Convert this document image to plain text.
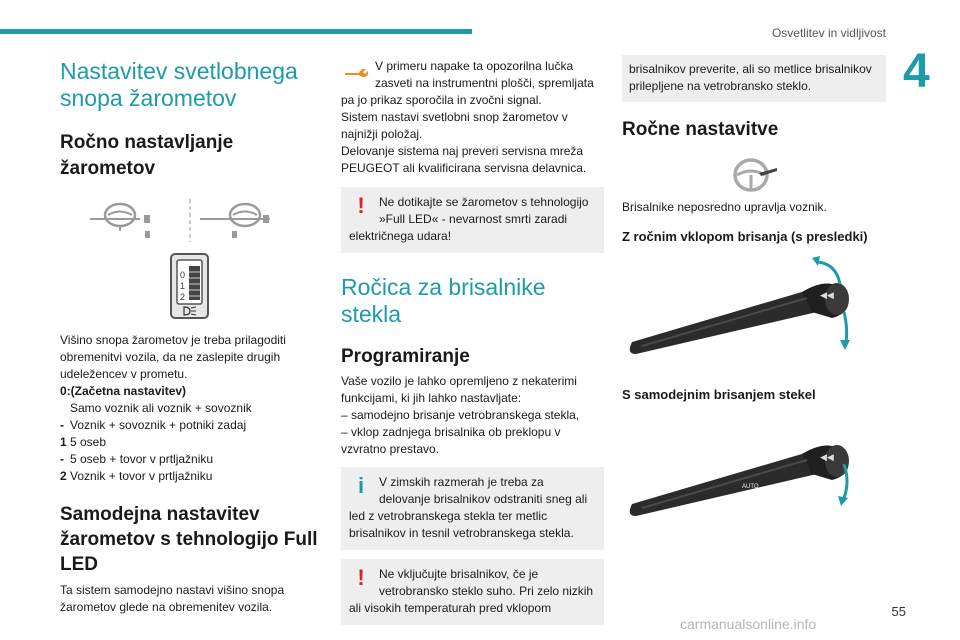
Osvetlitev in vidljivost
4
Nastavitev svetlobnega snopa žarometov
Ročno nastavljanje žarometov
0
1
2
Višino snopa žarometov je treba prilagoditi obremenitvi vozila, da ne zaslepite drugih udeležencev v prometu.
0:(Začetna nastavitev)
Samo voznik ali voznik + sovoznik
- Voznik + sovoznik + potniki zadaj
1 5 oseb
- 5 oseb + tovor v prtljažniku
2 Voznik + tovor v prtljažniku
Samodejna nastavitev žarometov s tehnologijo Full LED
Ta sistem samodejno nastavi višino snopa žarometov glede na obremenitev vozila.
V primeru napake ta opozorilna lučka zasveti na instrumentni plošči, spremljata pa jo prikaz sporočila in zvočni signal.
Sistem nastavi svetlobni snop žarometov v najnižji položaj.
Delovanje sistema naj preveri servisna mreža PEUGEOT ali kvalificirana servisna delavnica.
!	Ne dotikajte se žarometov s tehnologijo »Full LED« - nevarnost smrti zaradi električnega udara!
Ročica za brisalnike stekla
Programiranje
Vaše vozilo je lahko opremljeno z nekaterimi funkcijami, ki jih lahko nastavljate:
– samodejno brisanje vetrobranskega stekla,
– vklop zadnjega brisalnika ob preklopu v vzvratno prestavo.
i	V zimskih razmerah je treba za delovanje brisalnikov odstraniti sneg ali led z vetrobranskega stekla ter metlic brisalnikov in tesnil vetrobranskega stekla.
!	Ne vključujte brisalnikov, če je vetrobransko steklo suho. Pri zelo nizkih ali visokih temperaturah pred vklopom
brisalnikov preverite, ali so metlice brisalnikov prilepljene na vetrobransko steklo.
Ročne nastavitve
Brisalnike neposredno upravlja voznik.
Z ročnim vklopom brisanja (s presledki)
◀◀
S samodejnim brisanjem stekel
◀◀
AUTO
55
carmanualsonline.info
